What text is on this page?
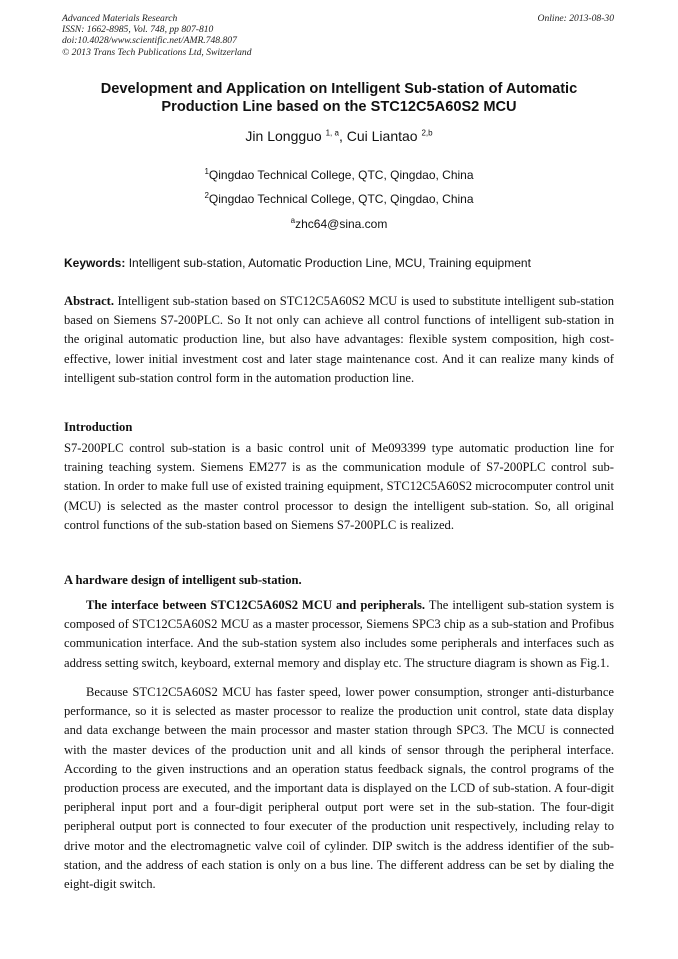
Advanced Materials Research
ISSN: 1662-8985, Vol. 748, pp 807-810
doi:10.4028/www.scientific.net/AMR.748.807
© 2013 Trans Tech Publications Ltd, Switzerland
Online: 2013-08-30
Development and Application on Intelligent Sub-station of Automatic
Production Line based on the STC12C5A60S2 MCU
Jin Longguo $^{1, a}$, Cui Liantao $^{2,b}$
$^1$Qingdao Technical College, QTC, Qingdao, China
$^2$Qingdao Technical College, QTC, Qingdao, China
$^a$zhc64@sina.com
Keywords: Intelligent sub-station, Automatic Production Line, MCU, Training equipment
Abstract. Intelligent sub-station based on STC12C5A60S2 MCU is used to substitute intelligent sub-station based on Siemens S7-200PLC. So It not only can achieve all control functions of intelligent sub-station in the original automatic production line, but also have advantages: flexible system composition, high cost-effective, lower initial investment cost and later stage maintenance cost. And it can realize many kinds of intelligent sub-station control form in the automation production line.
Introduction
S7-200PLC control sub-station is a basic control unit of Me093399 type automatic production line for training teaching system. Siemens EM277 is as the communication module of S7-200PLC control sub-station. In order to make full use of existed training equipment, STC12C5A60S2 microcomputer control unit (MCU) is selected as the master control processor to design the intelligent sub-station. So, all original control functions of the sub-station based on Siemens S7-200PLC is realized.
A hardware design of intelligent sub-station.
The interface between STC12C5A60S2 MCU and peripherals. The intelligent sub-station system is composed of STC12C5A60S2 MCU as a master processor, Siemens SPC3 chip as a sub-station and Profibus communication interface. And the sub-station system also includes some peripherals and interfaces such as address setting switch, keyboard, external memory and display etc. The structure diagram is shown as Fig.1.
Because STC12C5A60S2 MCU has faster speed, lower power consumption, stronger anti-disturbance performance, so it is selected as master processor to realize the production unit control, state data display and data exchange between the main processor and master station through SPC3. The MCU is connected with the master devices of the production unit and all kinds of sensor through the peripheral interface. According to the given instructions and an operation status feedback signals, the control programs of the production process are executed, and the important data is displayed on the LCD of sub-station. A four-digit peripheral input port and a four-digit peripheral output port were set in the sub-station. The four-digit peripheral output port is connected to four executer of the production unit respectively, including relay to drive motor and the electromagnetic valve coil of cylinder. DIP switch is the address identifier of the sub-station, and the address of each station is only on a bus line. The different address can be set by dialing the eight-digit switch.
